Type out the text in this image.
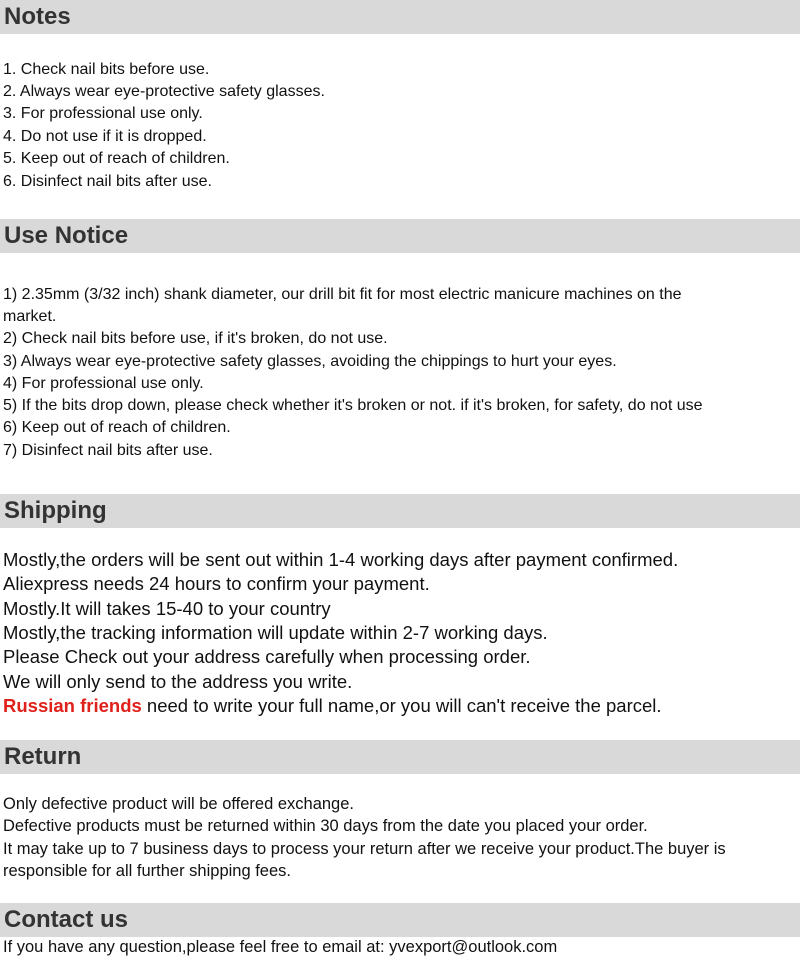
Notes
1. Check nail bits before use.
2. Always wear eye-protective safety glasses.
3. For professional use only.
4. Do not use if it is dropped.
5. Keep out of reach of children.
6. Disinfect nail bits after use.
Use Notice
1) 2.35mm (3/32 inch) shank diameter, our drill bit fit for most electric manicure machines on the
market.
2) Check nail bits before use, if it's broken, do not use.
3) Always wear eye-protective safety glasses, avoiding the chippings to hurt your eyes.
4) For professional use only.
5) If the bits drop down, please check whether it's broken or not. if it's broken, for safety, do not use
6) Keep out of reach of children.
7) Disinfect nail bits after use.
Shipping
Mostly,the orders will be sent out within 1-4 working days after payment confirmed.
Aliexpress needs 24 hours to confirm your payment.
Mostly.It will takes 15-40 to your country
Mostly,the tracking information will update within 2-7 working days.
Please Check out your address carefully when processing order.
We will only send to the address you write.
Russian friends need to write your full name,or you will can't receive the parcel.
Return
Only defective product will be offered exchange.
Defective products must be returned within 30 days from the date you placed your order.
It may take up to 7 business days to process your return after we receive your product.The buyer is
responsible for all further shipping fees.
Contact us
If you have any question,please feel free to email at: yvexport@outlook.com
